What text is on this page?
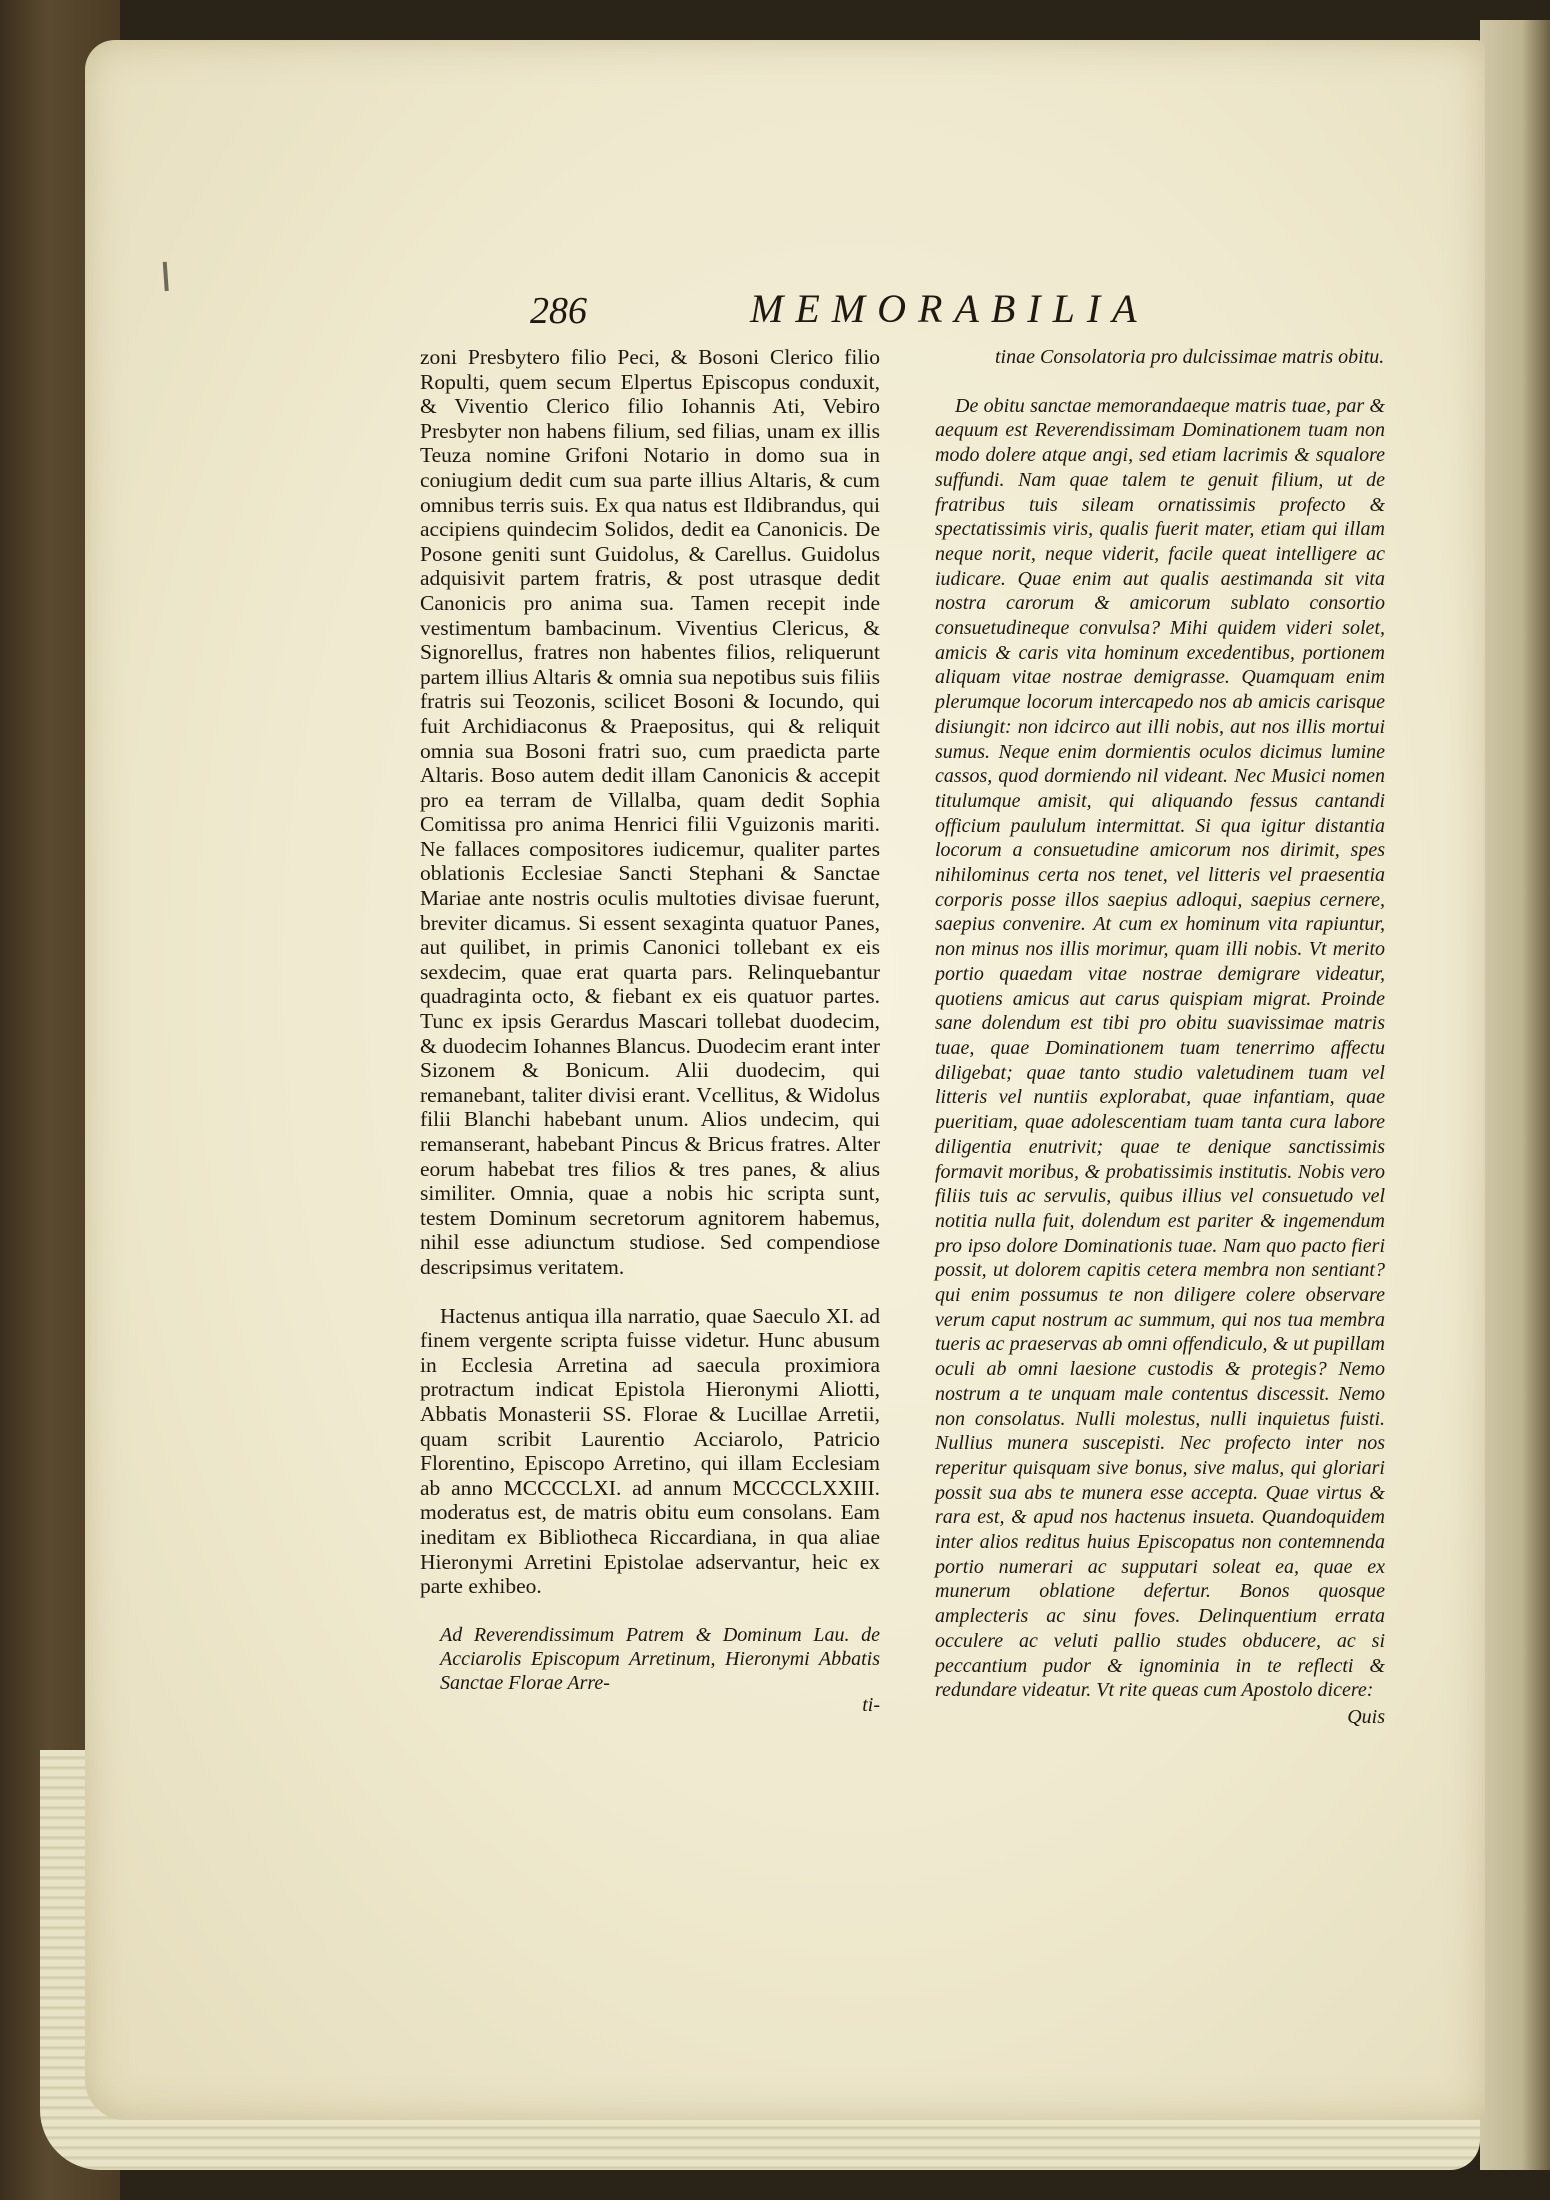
I
286	MEMORABILIA

zoni Presbytero filio Peci, & Bosoni Clerico filio Ropulti, quem secum Elpertus Episcopus conduxit, & Viventio Clerico filio Iohannis Ati, Vebiro Presbyter non habens filium, sed filias, unam ex illis Teuza nomine Grifoni Notario in domo sua in coniugium dedit cum sua parte illius Altaris, & cum omnibus terris suis. Ex qua natus est Ildibrandus, qui accipiens quindecim Solidos, dedit ea Canonicis. De Posone geniti sunt Guidolus, & Carellus. Guidolus adquisivit partem fratris, & post utrasque dedit Canonicis pro anima sua. Tamen recepit inde vestimentum bambacinum. Viventius Clericus, & Signorellus, fratres non habentes filios, reliquerunt partem illius Altaris & omnia sua nepotibus suis filiis fratris sui Teozonis, scilicet Bosoni & Iocundo, qui fuit Archidiaconus & Praepositus, qui & reliquit omnia sua Bosoni fratri suo, cum praedicta parte Altaris. Boso autem dedit illam Canonicis & accepit pro ea terram de Villalba, quam dedit Sophia Comitissa pro anima Henrici filii Vguizonis mariti. Ne fallaces compositores iudicemur, qualiter partes oblationis Ecclesiae Sancti Stephani & Sanctae Mariae ante nostris oculis multoties divisae fuerunt, breviter dicamus. Si essent sexaginta quatuor Panes, aut quilibet, in primis Canonici tollebant ex eis sexdecim, quae erat quarta pars. Relinquebantur quadraginta octo, & fiebant ex eis quatuor partes. Tunc ex ipsis Gerardus Mascari tollebat duodecim, & duodecim Iohannes Blancus. Duodecim erant inter Sizonem & Bonicum. Alii duodecim, qui remanebant, taliter divisi erant. Vcellitus, & Widolus filii Blanchi habebant unum. Alios undecim, qui remanserant, habebant Pincus & Bricus fratres. Alter eorum habebat tres filios & tres panes, & alius similiter. Omnia, quae a nobis hic scripta sunt, testem Dominum secretorum agnitorem habemus, nihil esse adiunctum studiose. Sed compendiose descripsimus veritatem.

Hactenus antiqua illa narratio, quae Saeculo XI. ad finem vergente scripta fuisse videtur. Hunc abusum in Ecclesia Arretina ad saecula proximiora protractum indicat Epistola Hieronymi Aliotti, Abbatis Monasterii SS. Florae & Lucillae Arretii, quam scribit Laurentio Acciarolo, Patricio Florentino, Episcopo Arretino, qui illam Ecclesiam ab anno MCCCCLXI. ad annum MCCCCLXXIII. moderatus est, de matris obitu eum consolans. Eam ineditam ex Bibliotheca Riccardiana, in qua aliae Hieronymi Arretini Epistolae adservantur, heic ex parte exhibeo.

Ad Reverendissimum Patrem & Dominum Lau. de Acciarolis Episcopum Arretinum, Hieronymi Abbatis Sanctae Florae Arre-

ti-

tinae Consolatoria pro dulcissimae matris obitu.

De obitu sanctae memorandaeque matris tuae, par & aequum est Reverendissimam Dominationem tuam non modo dolere atque angi, sed etiam lacrimis & squalore suffundi. Nam quae talem te genuit filium, ut de fratribus tuis sileam ornatissimis profecto & spectatissimis viris, qualis fuerit mater, etiam qui illam neque norit, neque viderit, facile queat intelligere ac iudicare. Quae enim aut qualis aestimanda sit vita nostra carorum & amicorum sublato consortio consuetudineque convulsa? Mihi quidem videri solet, amicis & caris vita hominum excedentibus, portionem aliquam vitae nostrae demigrasse. Quamquam enim plerumque locorum intercapedo nos ab amicis carisque disiungit: non idcirco aut illi nobis, aut nos illis mortui sumus. Neque enim dormientis oculos dicimus lumine cassos, quod dormiendo nil videant. Nec Musici nomen titulumque amisit, qui aliquando fessus cantandi officium paululum intermittat. Si qua igitur distantia locorum a consuetudine amicorum nos dirimit, spes nihilominus certa nos tenet, vel litteris vel praesentia corporis posse illos saepius adloqui, saepius cernere, saepius convenire. At cum ex hominum vita rapiuntur, non minus nos illis morimur, quam illi nobis. Vt merito portio quaedam vitae nostrae demigrare videatur, quotiens amicus aut carus quispiam migrat. Proinde sane dolendum est tibi pro obitu suavissimae matris tuae, quae Dominationem tuam tenerrimo affectu diligebat; quae tanto studio valetudinem tuam vel litteris vel nuntiis explorabat, quae infantiam, quae pueritiam, quae adolescentiam tuam tanta cura labore diligentia enutrivit; quae te denique sanctissimis formavit moribus, & probatissimis institutis. Nobis vero filiis tuis ac servulis, quibus illius vel consuetudo vel notitia nulla fuit, dolendum est pariter & ingemendum pro ipso dolore Dominationis tuae. Nam quo pacto fieri possit, ut dolorem capitis cetera membra non sentiant? qui enim possumus te non diligere colere observare verum caput nostrum ac summum, qui nos tua membra tueris ac praeservas ab omni offendiculo, & ut pupillam oculi ab omni laesione custodis & protegis? Nemo nostrum a te unquam male contentus discessit. Nemo non consolatus. Nulli molestus, nulli inquietus fuisti. Nullius munera suscepisti. Nec profecto inter nos reperitur quisquam sive bonus, sive malus, qui gloriari possit sua abs te munera esse accepta. Quae virtus & rara est, & apud nos hactenus insueta. Quandoquidem inter alios reditus huius Episcopatus non contemnenda portio numerari ac supputari soleat ea, quae ex munerum oblatione defertur. Bonos quosque amplecteris ac sinu foves. Delinquentium errata occulere ac veluti pallio studes obducere, ac si peccantium pudor & ignominia in te reflecti & redundare videatur. Vt rite queas cum Apostolo dicere:

Quis
